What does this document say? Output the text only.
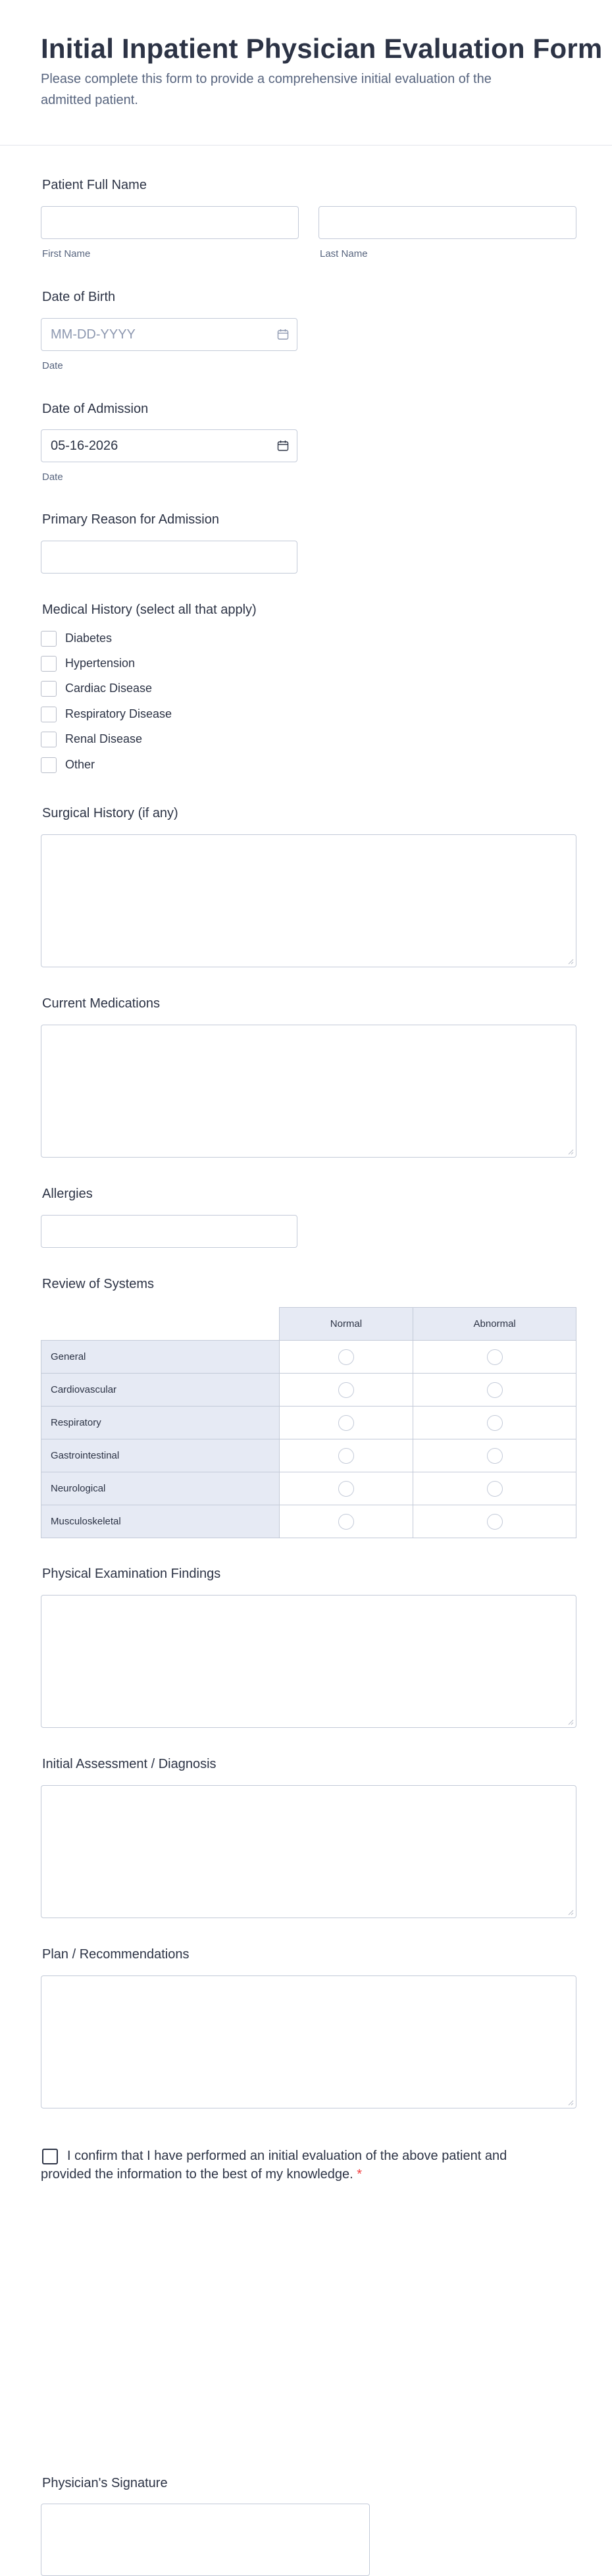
Initial Inpatient Physician Evaluation Form

Please complete this form to provide a comprehensive initial evaluation of the admitted patient.

Patient Full Name
First Name	Last Name
Date of Birth
MM-DD-YYYY
Date
Date of Admission
05-16-2026
Date
Primary Reason for Admission
Medical History (select all that apply)
Diabetes
Hypertension
Cardiac Disease
Respiratory Disease
Renal Disease
Other
Surgical History (if any)
Current Medications
Allergies
Review of Systems
	Normal	Abnormal
General		
Cardiovascular		
Respiratory		
Gastrointestinal		
Neurological		
Musculoskeletal		
Physical Examination Findings
Initial Assessment / Diagnosis
Plan / Recommendations
I confirm that I have performed an initial evaluation of the above patient and provided the information to the best of my knowledge. *
Physician's Signature
